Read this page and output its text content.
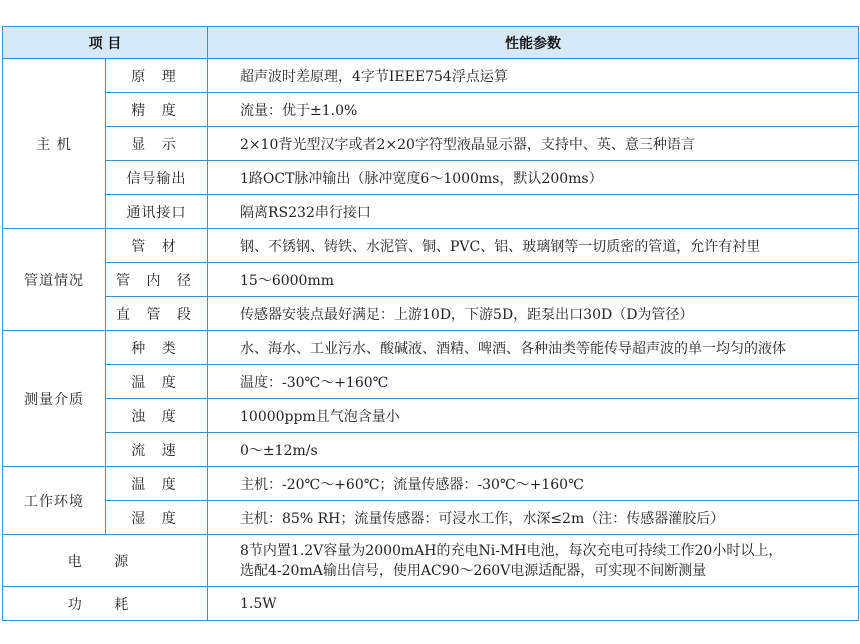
项 目		性能参数
主 机	原 理	超声波时差原理，4字节IEEE754浮点运算
	精 度	流量：优于±1.0%
	显 示	2×10背光型汉字或者2×20字符型液晶显示器，支持中、英、意三种语言
	信号输出	1路OCT脉冲输出（脉冲宽度6～1000ms，默认200ms）
	通讯接口	隔离RS232串行接口
管道情况	管 材	钢、不锈钢、铸铁、水泥管、铜、PVC、铝、玻璃钢等一切质密的管道，允许有衬里
	管 内 径	15～6000mm
	直 管 段	传感器安装点最好满足：上游10D，下游5D，距泵出口30D（D为管径）
测量介质	种 类	水、海水、工业污水、酸碱液、酒精、啤酒、各种油类等能传导超声波的单一均匀的液体
	温 度	温度：-30℃～+160℃
	浊 度	10000ppm且气泡含量小
	流 速	0～±12m/s
工作环境	温 度	主机：-20℃～+60℃；流量传感器：-30℃～+160℃
	湿 度	主机：85% RH；流量传感器：可浸水工作，水深≤2m（注：传感器灌胶后）
电 源		8节内置1.2V容量为2000mAH的充电Ni-MH电池，每次充电可持续工作20小时以上，
选配4-20mA输出信号，使用AC90～260V电源适配器，可实现不间断测量

功 耗		1.5W
